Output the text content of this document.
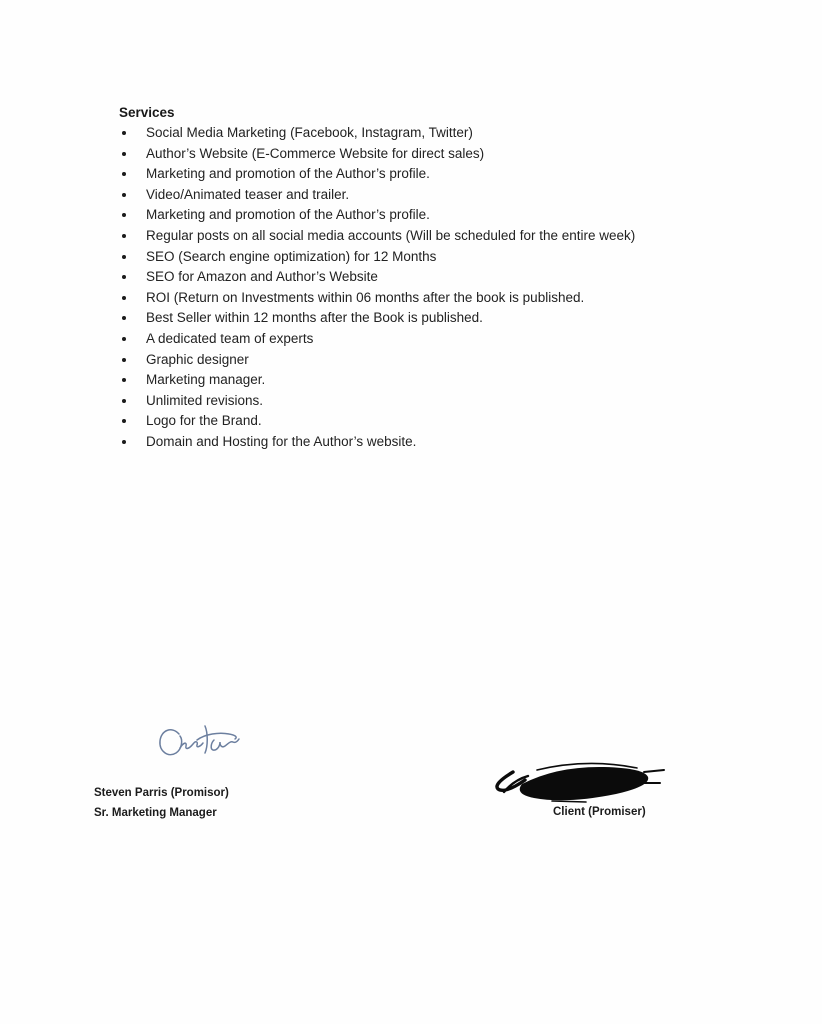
Services
Social Media Marketing (Facebook, Instagram, Twitter)
Author’s Website (E-Commerce Website for direct sales)
Marketing and promotion of the Author’s profile.
Video/Animated teaser and trailer.
Marketing and promotion of the Author’s profile.
Regular posts on all social media accounts (Will be scheduled for the entire week)
SEO (Search engine optimization) for 12 Months
SEO for Amazon and Author’s Website
ROI (Return on Investments within 06 months after the book is published.
Best Seller within 12 months after the Book is published.
A dedicated team of experts
Graphic designer
Marketing manager.
Unlimited revisions.
Logo for the Brand.
Domain and Hosting for the Author’s website.
Steven Parris (Promisor)
Sr. Marketing Manager	Client (Promiser)
